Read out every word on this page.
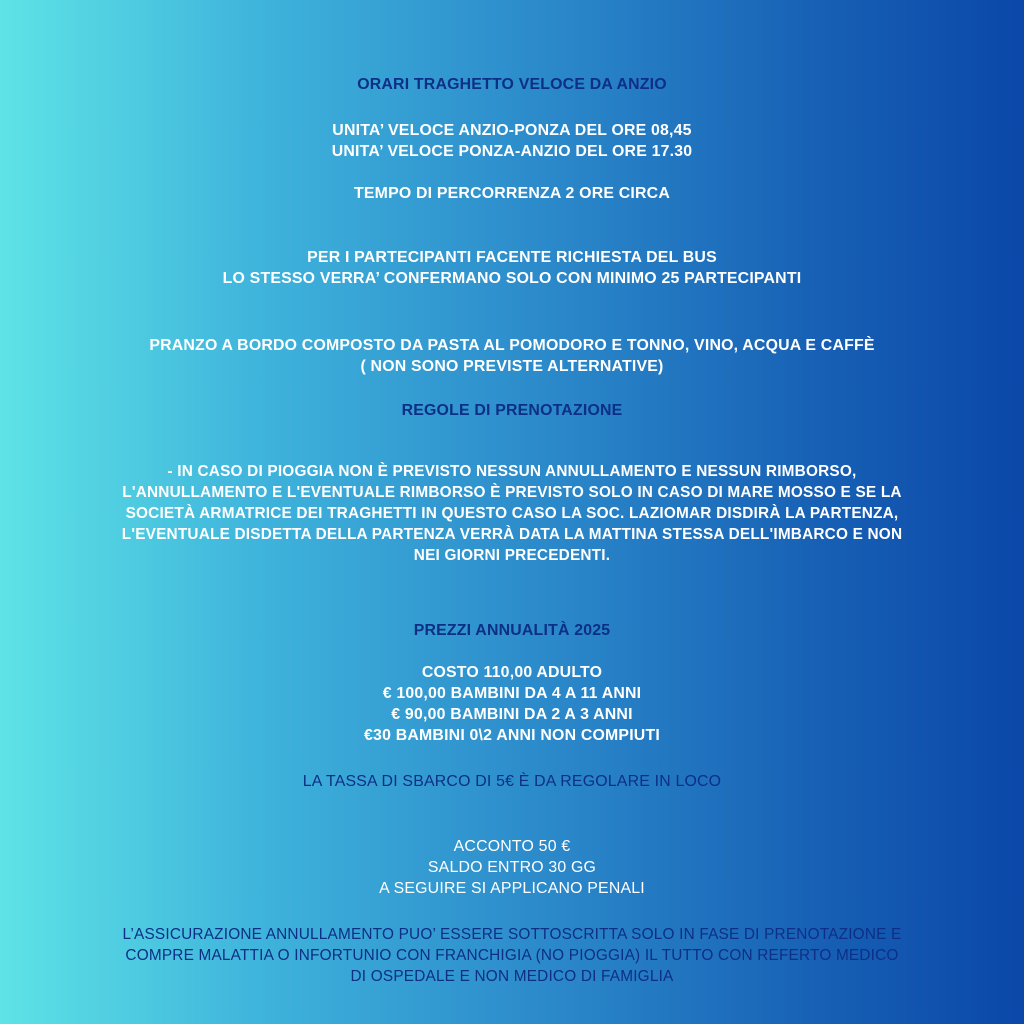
ORARI TRAGHETTO VELOCE DA ANZIO
UNITA’ VELOCE ANZIO-PONZA DEL ORE 08,45
UNITA’ VELOCE PONZA-ANZIO DEL ORE 17.30
TEMPO DI PERCORRENZA 2 ORE CIRCA
PER I PARTECIPANTI FACENTE RICHIESTA DEL BUS
LO STESSO VERRA’ CONFERMANO SOLO CON MINIMO 25 PARTECIPANTI
PRANZO A BORDO COMPOSTO DA PASTA AL POMODORO E TONNO, VINO, ACQUA E CAFFÈ
( NON SONO PREVISTE ALTERNATIVE)
REGOLE DI PRENOTAZIONE
- IN CASO DI PIOGGIA NON È PREVISTO NESSUN ANNULLAMENTO E NESSUN RIMBORSO,
L'ANNULLAMENTO E L'EVENTUALE RIMBORSO È PREVISTO SOLO IN CASO DI MARE MOSSO E SE LA
SOCIETÀ ARMATRICE DEI TRAGHETTI IN QUESTO CASO LA SOC. LAZIOMAR DISDIRÀ LA PARTENZA,
L'EVENTUALE DISDETTA DELLA PARTENZA VERRÀ DATA LA MATTINA STESSA DELL'IMBARCO E NON
NEI GIORNI PRECEDENTI.
PREZZI ANNUALITÀ 2025
COSTO 110,00 ADULTO
€ 100,00 BAMBINI DA 4 A 11 ANNI
€ 90,00 BAMBINI DA 2 A 3 ANNI
€30 BAMBINI 0\2 ANNI NON COMPIUTI
LA TASSA DI SBARCO DI 5€ È DA REGOLARE IN LOCO
ACCONTO 50 €
SALDO ENTRO 30 GG
A SEGUIRE SI APPLICANO PENALI
L’ASSICURAZIONE ANNULLAMENTO PUO’ ESSERE SOTTOSCRITTA SOLO IN FASE DI PRENOTAZIONE E
COMPRE MALATTIA O INFORTUNIO CON FRANCHIGIA (NO PIOGGIA) IL TUTTO CON REFERTO MEDICO
DI OSPEDALE E NON MEDICO DI FAMIGLIA
